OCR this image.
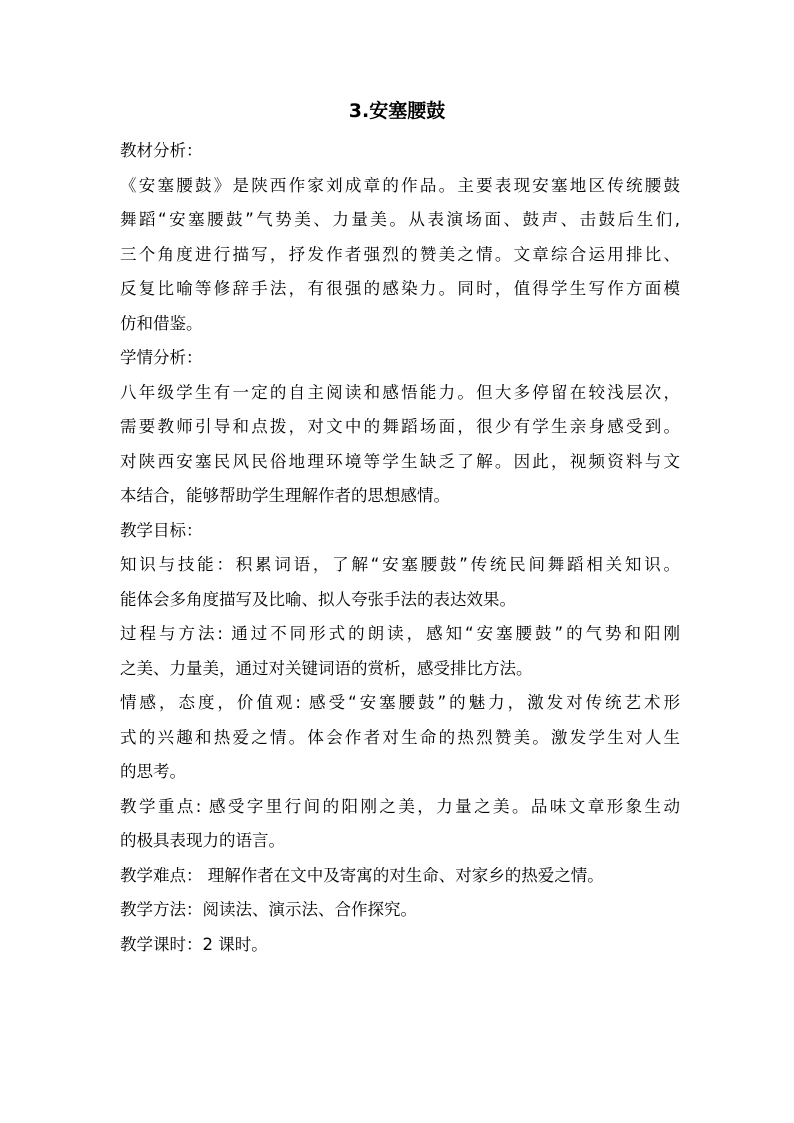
3.安塞腰鼓
教材分析：
《安塞腰鼓》是陕西作家刘成章的作品。主要表现安塞地区传统腰鼓
舞蹈“安塞腰鼓”气势美、力量美。从表演场面、鼓声、击鼓后生们,
三个角度进行描写，抒发作者强烈的赞美之情。文章综合运用排比、
反复比喻等修辞手法，有很强的感染力。同时，值得学生写作方面模
仿和借鉴。
学情分析：
八年级学生有一定的自主阅读和感悟能力。但大多停留在较浅层次，
需要教师引导和点拨，对文中的舞蹈场面，很少有学生亲身感受到。
对陕西安塞民风民俗地理环境等学生缺乏了解。因此，视频资料与文
本结合，能够帮助学生理解作者的思想感情。
教学目标：
知识与技能：积累词语，了解“安塞腰鼓”传统民间舞蹈相关知识。
能体会多角度描写及比喻、拟人夸张手法的表达效果。
过程与方法: 通过不同形式的朗读，感知“安塞腰鼓”的气势和阳刚
之美、力量美，通过对关键词语的赏析，感受排比方法。
情感，态度，价值观: 感受“安塞腰鼓”的魅力，激发对传统艺术形
式的兴趣和热爱之情。体会作者对生命的热烈赞美。激发学生对人生
的思考。
教学重点: 感受字里行间的阳刚之美，力量之美。品味文章形象生动
的极具表现力的语言。
教学难点： 理解作者在文中及寄寓的对生命、对家乡的热爱之情。
教学方法：阅读法、演示法、合作探究。
教学课时：2 课时。
